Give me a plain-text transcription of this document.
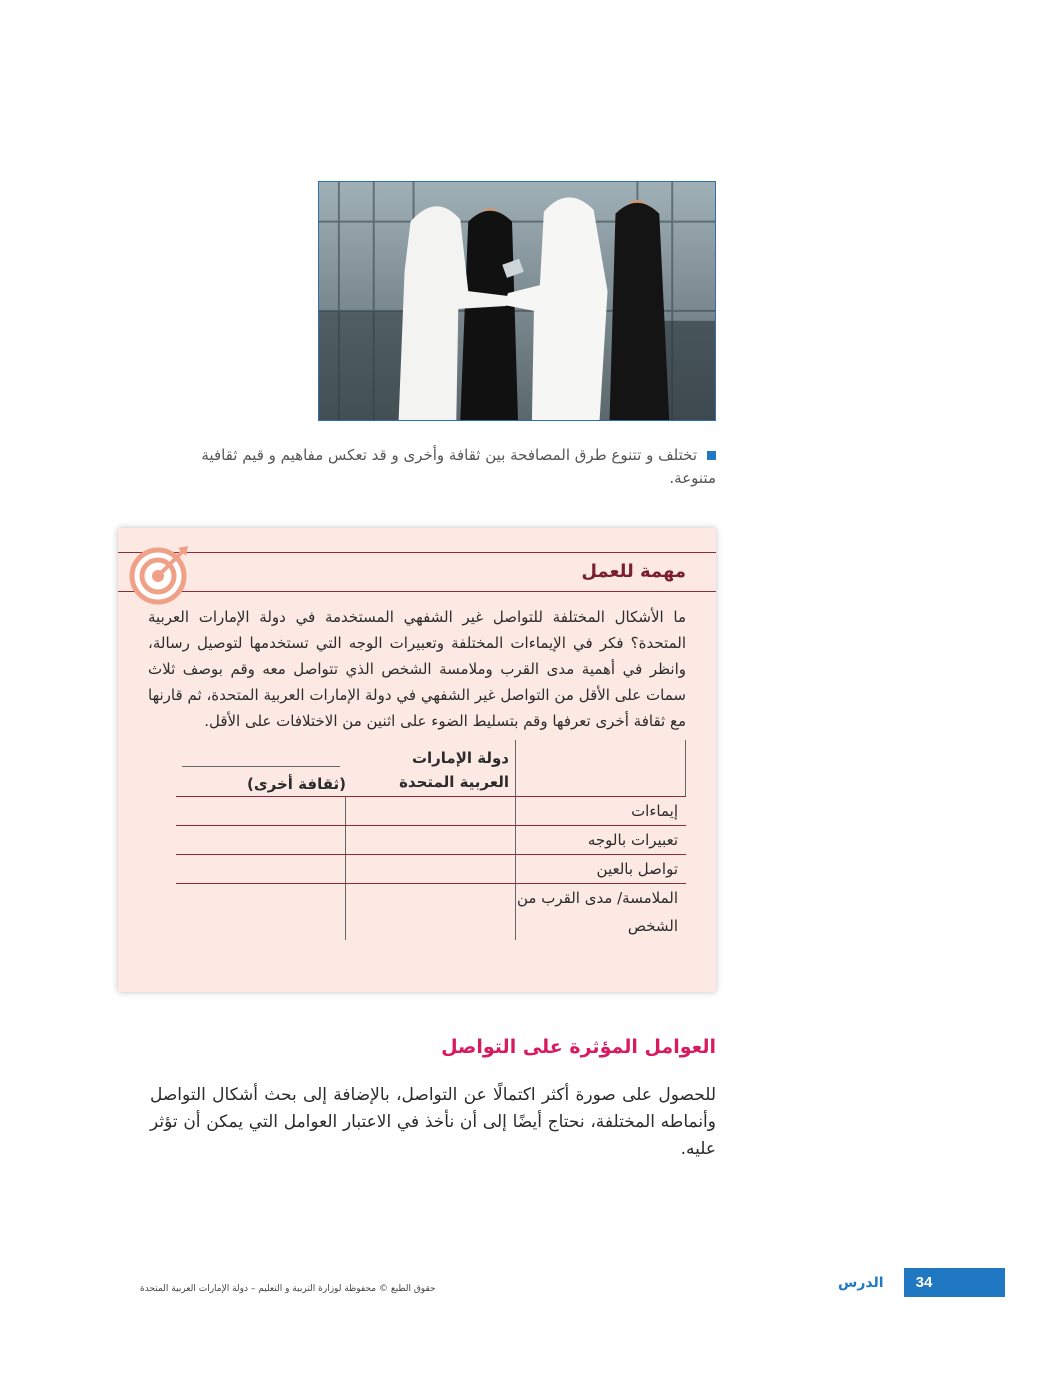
تختلف و تتنوع طرق المصافحة بين ثقافة وأخرى و قد تعكس مفاهيم و قيم ثقافية متنوعة.
مهمة للعمل
ما الأشكال المختلفة للتواصل غير الشفهي المستخدمة في دولة الإمارات العربية المتحدة؟ فكر في الإيماءات المختلفة وتعبيرات الوجه التي تستخدمها لتوصيل رسالة، وانظر في أهمية مدى القرب وملامسة الشخص الذي تتواصل معه وقم بوصف ثلاث سمات على الأقل من التواصل غير الشفهي في دولة الإمارات العربية المتحدة، ثم قارنها مع ثقافة أخرى تعرفها وقم بتسليط الضوء على اثنين من الاختلافات على الأقل.
دولة الإمارات العربية المتحدة
(ثقافة أخرى)
إيماءات
تعبيرات بالوجه
تواصل بالعين
الملامسة/ مدى القرب من الشخص
العوامل المؤثرة على التواصل
للحصول على صورة أكثر اكتمالًا عن التواصل، بالإضافة إلى بحث أشكال التواصل وأنماطه المختلفة، نحتاج أيضًا إلى أن نأخذ في الاعتبار العوامل التي يمكن أن تؤثر عليه.
34
الدرس
حقوق الطبع © محفوظة لوزارة التربية و التعليم – دولة الإمارات العربية المتحدة
